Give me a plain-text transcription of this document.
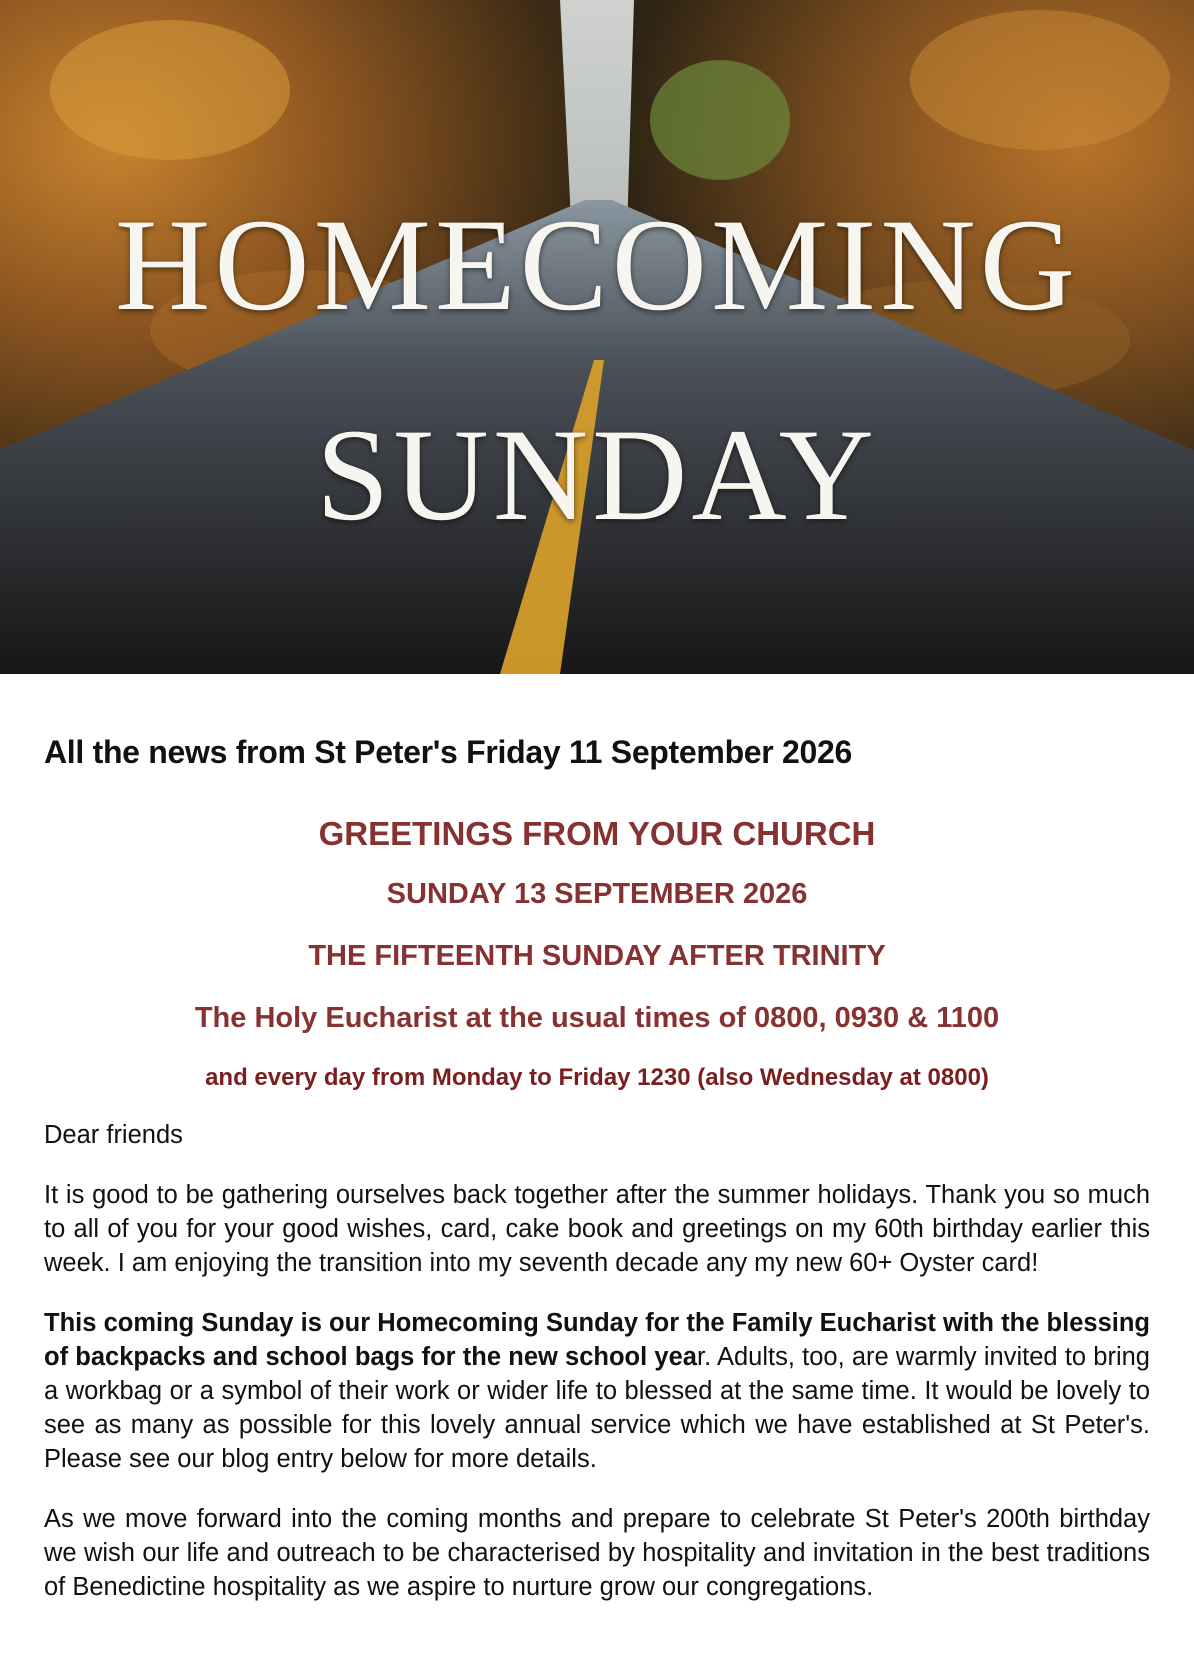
HOMECOMING
SUNDAY
All the news from St Peter's Friday 11 September 2026

GREETINGS FROM YOUR CHURCH

SUNDAY 13 SEPTEMBER 2026

THE FIFTEENTH SUNDAY AFTER TRINITY

The Holy Eucharist at the usual times of 0800, 0930 & 1100

and every day from Monday to Friday 1230 (also Wednesday at 0800)

Dear friends

It is good to be gathering ourselves back together after the summer holidays. Thank you so much to all of you for your good wishes, card, cake book and greetings on my 60th birthday earlier this week. I am enjoying the transition into my seventh decade any my new 60+ Oyster card!

This coming Sunday is our Homecoming Sunday for the Family Eucharist with the blessing of backpacks and school bags for the new school year. Adults, too, are warmly invited to bring a workbag or a symbol of their work or wider life to blessed at the same time. It would be lovely to see as many as possible for this lovely annual service which we have established at St Peter's. Please see our blog entry below for more details.

As we move forward into the coming months and prepare to celebrate St Peter's 200th birthday we wish our life and outreach to be characterised by hospitality and invitation in the best traditions of Benedictine hospitality as we aspire to nurture grow our congregations.
